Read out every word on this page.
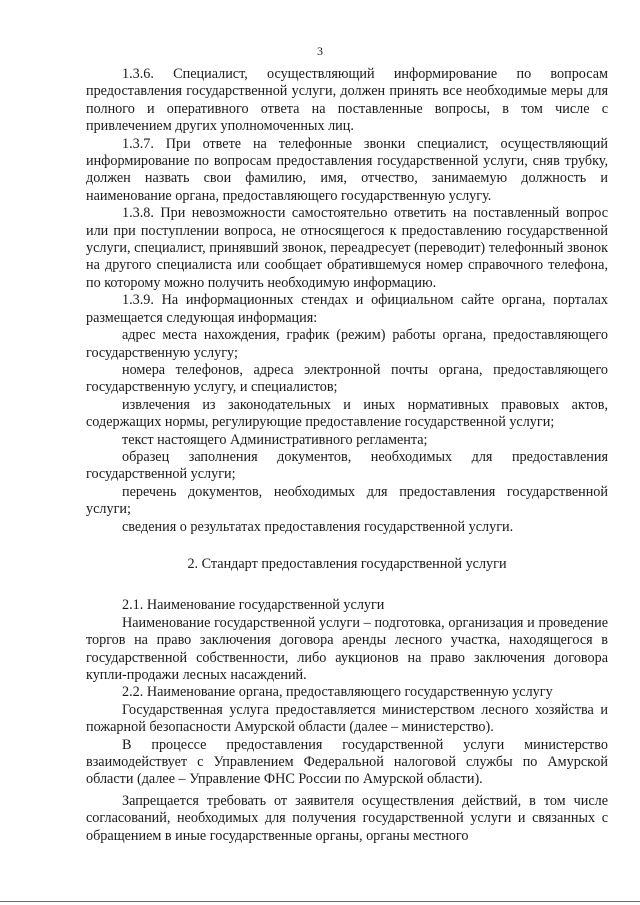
3

1.3.6. Специалист, осуществляющий информирование по вопросам предоставления государственной услуги, должен принять все необходимые меры для полного и оперативного ответа на поставленные вопросы, в том числе с привлечением других уполномоченных лиц.

1.3.7. При ответе на телефонные звонки специалист, осуществляющий информирование по вопросам предоставления государственной услуги, сняв трубку, должен назвать свои фамилию, имя, отчество, занимаемую должность и наименование органа, предоставляющего государственную услугу.

1.3.8. При невозможности самостоятельно ответить на поставленный вопрос или при поступлении вопроса, не относящегося к предоставлению государственной услуги, специалист, принявший звонок, переадресует (переводит) телефонный звонок на другого специалиста или сообщает обратившемуся номер справочного телефона, по которому можно получить необходимую информацию.

1.3.9. На информационных стендах и официальном сайте органа, порталах размещается следующая информация:

адрес места нахождения, график (режим) работы органа, предоставляющего государственную услугу;

номера телефонов, адреса электронной почты органа, предоставляющего государственную услугу, и специалистов;

извлечения из законодательных и иных нормативных правовых актов, содержащих нормы, регулирующие предоставление государственной услуги;

текст настоящего Административного регламента;

образец заполнения документов, необходимых для предоставления государственной услуги;

перечень документов, необходимых для предоставления государственной услуги;

сведения о результатах предоставления государственной услуги.

2. Стандарт предоставления государственной услуги

2.1. Наименование государственной услуги

Наименование государственной услуги – подготовка, организация и проведение торгов на право заключения договора аренды лесного участка, находящегося в государственной собственности, либо аукционов на право заключения договора купли-продажи лесных насаждений.

2.2. Наименование органа, предоставляющего государственную услугу

Государственная услуга предоставляется министерством лесного хозяйства и пожарной безопасности Амурской области (далее – министерство).

В процессе предоставления государственной услуги министерство взаимодействует с Управлением Федеральной налоговой службы по Амурской области (далее – Управление ФНС России по Амурской области).

Запрещается требовать от заявителя осуществления действий, в том числе согласований, необходимых для получения государственной услуги и связанных с обращением в иные государственные органы, органы местного
